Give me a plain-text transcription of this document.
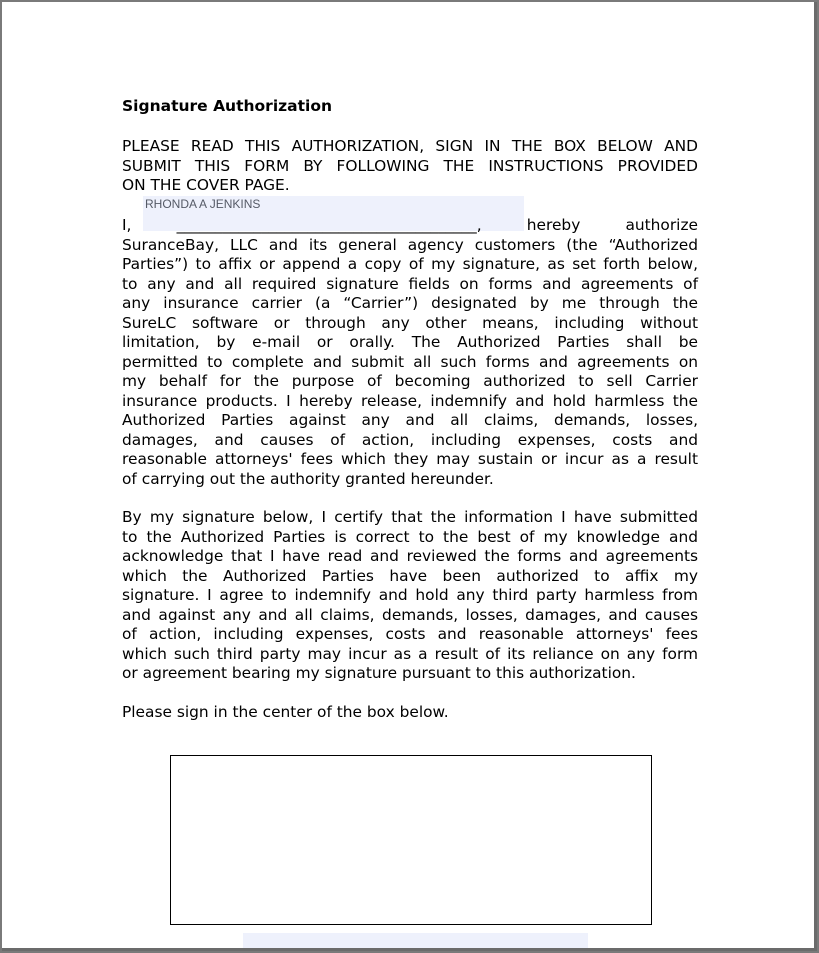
Signature Authorization
PLEASE READ THIS AUTHORIZATION, SIGN IN THE BOX BELOW AND
SUBMIT THIS FORM BY FOLLOWING THE INSTRUCTIONS PROVIDED
ON THE COVER PAGE.
RHONDA A JENKINS
I, _______________________________________, hereby authorize
SuranceBay, LLC and its general agency customers (the “Authorized
Parties”) to affix or append a copy of my signature, as set forth below,
to any and all required signature fields on forms and agreements of
any insurance carrier (a “Carrier”) designated by me through the
SureLC software or through any other means, including without
limitation, by e-mail or orally. The Authorized Parties shall be
permitted to complete and submit all such forms and agreements on
my behalf for the purpose of becoming authorized to sell Carrier
insurance products. I hereby release, indemnify and hold harmless the
Authorized Parties against any and all claims, demands, losses,
damages, and causes of action, including expenses, costs and
reasonable attorneys' fees which they may sustain or incur as a result
of carrying out the authority granted hereunder.
By my signature below, I certify that the information I have submitted
to the Authorized Parties is correct to the best of my knowledge and
acknowledge that I have read and reviewed the forms and agreements
which the Authorized Parties have been authorized to affix my
signature. I agree to indemnify and hold any third party harmless from
and against any and all claims, demands, losses, damages, and causes
of action, including expenses, costs and reasonable attorneys' fees
which such third party may incur as a result of its reliance on any form
or agreement bearing my signature pursuant to this authorization.
Please sign in the center of the box below.
